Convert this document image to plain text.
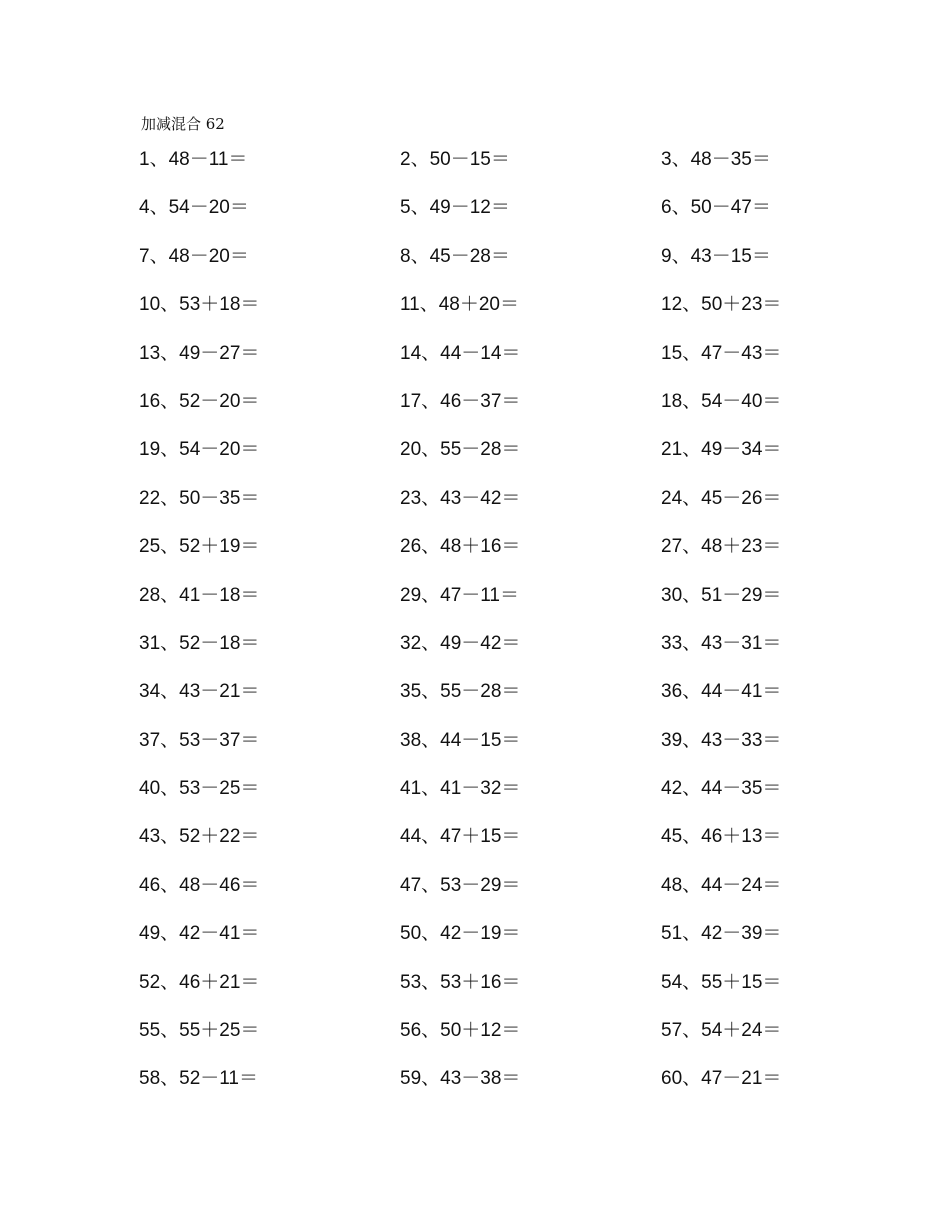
加减混合 62
1、48－11＝	2、50－15＝	3、48－35＝
4、54－20＝	5、49－12＝	6、50－47＝
7、48－20＝	8、45－28＝	9、43－15＝
10、53＋18＝	11、48＋20＝	12、50＋23＝
13、49－27＝	14、44－14＝	15、47－43＝
16、52－20＝	17、46－37＝	18、54－40＝
19、54－20＝	20、55－28＝	21、49－34＝
22、50－35＝	23、43－42＝	24、45－26＝
25、52＋19＝	26、48＋16＝	27、48＋23＝
28、41－18＝	29、47－11＝	30、51－29＝
31、52－18＝	32、49－42＝	33、43－31＝
34、43－21＝	35、55－28＝	36、44－41＝
37、53－37＝	38、44－15＝	39、43－33＝
40、53－25＝	41、41－32＝	42、44－35＝
43、52＋22＝	44、47＋15＝	45、46＋13＝
46、48－46＝	47、53－29＝	48、44－24＝
49、42－41＝	50、42－19＝	51、42－39＝
52、46＋21＝	53、53＋16＝	54、55＋15＝
55、55＋25＝	56、50＋12＝	57、54＋24＝
58、52－11＝	59、43－38＝	60、47－21＝
